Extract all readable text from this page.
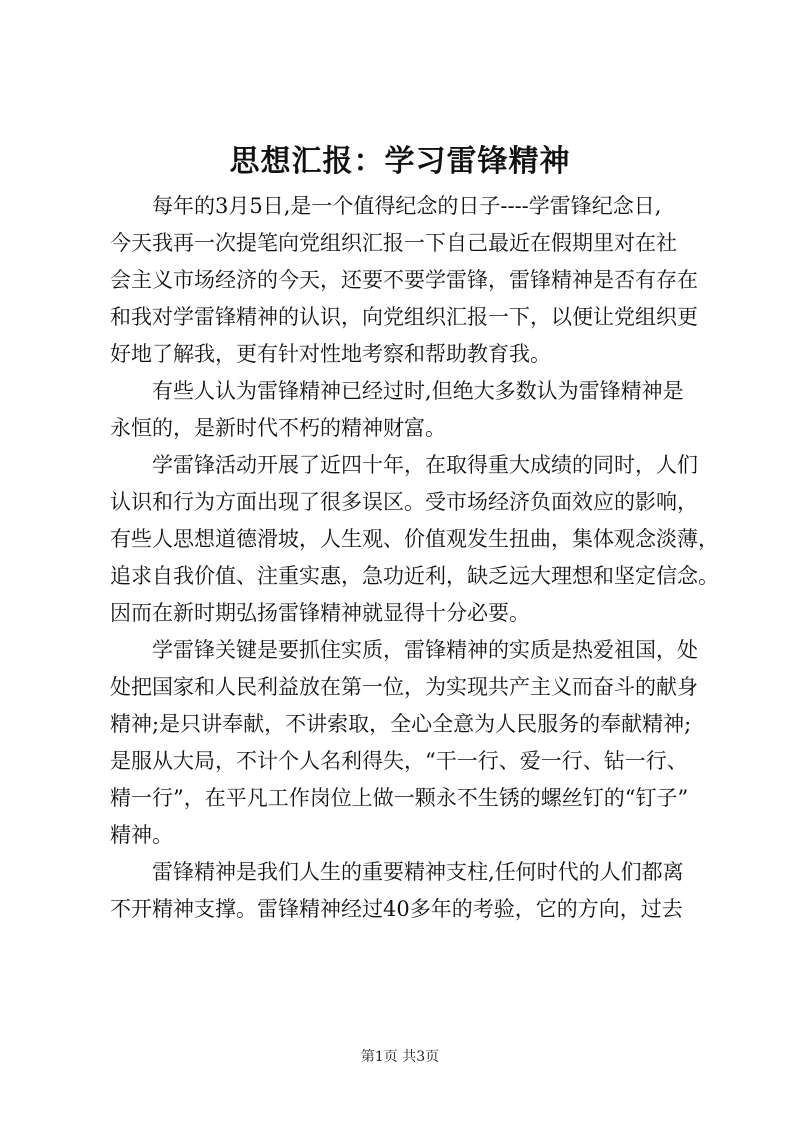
思想汇报：学习雷锋精神
每年的3月5日,是一个值得纪念的日子----学雷锋纪念日,
今天我再一次提笔向党组织汇报一下自己最近在假期里对在社
会主义市场经济的今天，还要不要学雷锋，雷锋精神是否有存在
和我对学雷锋精神的认识，向党组织汇报一下，以便让党组织更
好地了解我，更有针对性地考察和帮助教育我。
有些人认为雷锋精神已经过时,但绝大多数认为雷锋精神是
永恒的，是新时代不朽的精神财富。
学雷锋活动开展了近四十年，在取得重大成绩的同时，人们
认识和行为方面出现了很多误区。受市场经济负面效应的影响，
有些人思想道德滑坡，人生观、价值观发生扭曲，集体观念淡薄，
追求自我价值、注重实惠，急功近利，缺乏远大理想和坚定信念。
因而在新时期弘扬雷锋精神就显得十分必要。
学雷锋关键是要抓住实质，雷锋精神的实质是热爱祖国，处
处把国家和人民利益放在第一位，为实现共产主义而奋斗的献身
精神;是只讲奉献，不讲索取，全心全意为人民服务的奉献精神;
是服从大局，不计个人名利得失，“干一行、爱一行、钻一行、
精一行”，在平凡工作岗位上做一颗永不生锈的螺丝钉的“钉子”
精神。
雷锋精神是我们人生的重要精神支柱,任何时代的人们都离
不开精神支撑。雷锋精神经过40多年的考验，它的方向，过去
第1页 共3页
